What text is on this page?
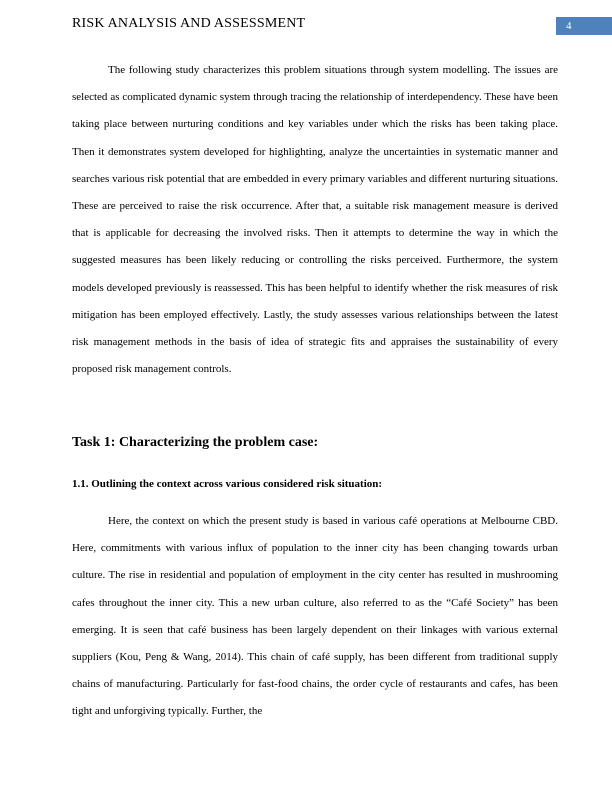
RISK ANALYSIS AND ASSESSMENT	4

The following study characterizes this problem situations through system modelling. The issues are selected as complicated dynamic system through tracing the relationship of interdependency. These have been taking place between nurturing conditions and key variables under which the risks has been taking place. Then it demonstrates system developed for highlighting, analyze the uncertainties in systematic manner and searches various risk potential that are embedded in every primary variables and different nurturing situations. These are perceived to raise the risk occurrence. After that, a suitable risk management measure is derived that is applicable for decreasing the involved risks. Then it attempts to determine the way in which the suggested measures has been likely reducing or controlling the risks perceived. Furthermore, the system models developed previously is reassessed. This has been helpful to identify whether the risk measures of risk mitigation has been employed effectively. Lastly, the study assesses various relationships between the latest risk management methods in the basis of idea of strategic fits and appraises the sustainability of every proposed risk management controls.

Task 1: Characterizing the problem case:
1.1. Outlining the context across various considered risk situation:

Here, the context on which the present study is based in various café operations at Melbourne CBD. Here, commitments with various influx of population to the inner city has been changing towards urban culture. The rise in residential and population of employment in the city center has resulted in mushrooming cafes throughout the inner city. This a new urban culture, also referred to as the “Café Society” has been emerging. It is seen that café business has been largely dependent on their linkages with various external suppliers (Kou, Peng & Wang, 2014). This chain of café supply, has been different from traditional supply chains of manufacturing. Particularly for fast-food chains, the order cycle of restaurants and cafes, has been tight and unforgiving typically. Further, the
